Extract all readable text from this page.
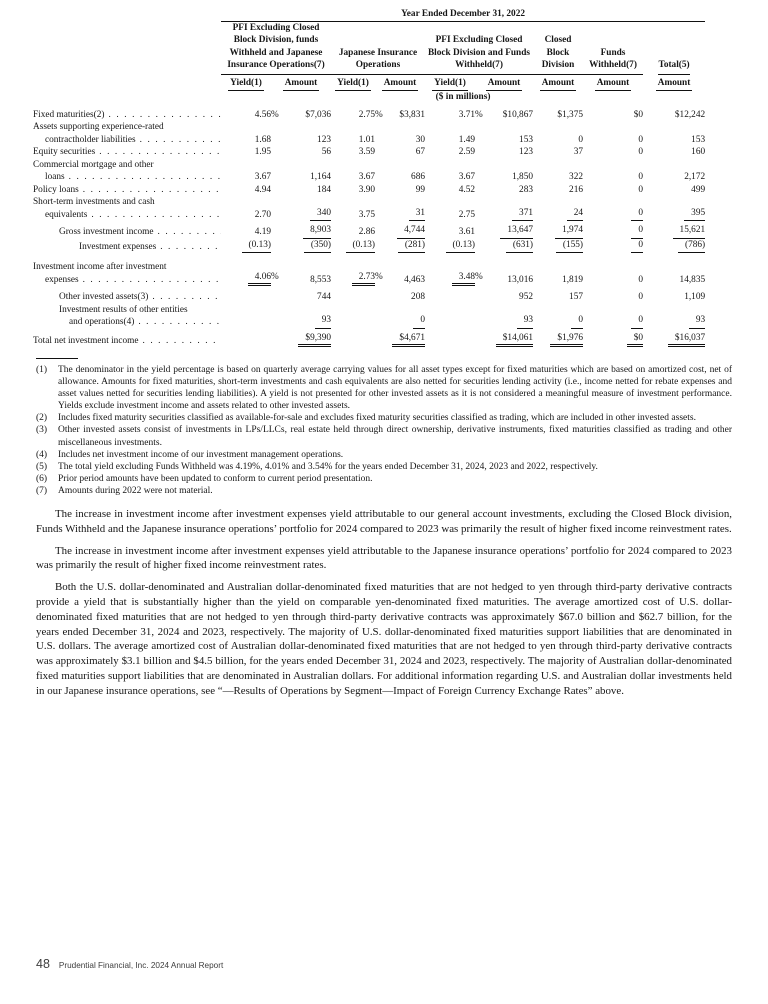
	Year Ended December 31, 2022								
	PFI Excluding Closed Block Division, funds Withheld and Japanese Insurance Operations(7)		Japanese Insurance Operations		PFI Excluding Closed Block Division and Funds Withheld(7)		Closed Block Division	Funds Withheld(7)	Total(5)
	Yield(1)	Amount	Yield(1)	Amount	Yield(1)	Amount	Amount	Amount	Amount
	($ in millions)								

Fixed maturities(2)
. . .	4.56%	$7,036	2.75%	$3,831	3.71%	$10,867	$1,375	$0	$12,242

Assets supporting experience-rated
contractholder liabilities
. . .	1.68	123	1.01	30	1.49	153	0	0	153

Equity securities
. . .	1.95	56	3.59	67	2.59	123	37	0	160

Commercial mortgage and other
loans
. . .	3.67	1,164	3.67	686	3.67	1,850	322	0	2,172

Policy loans
. . .	4.94	184	3.90	99	4.52	283	216	0	499

Short-term investments and cash
equivalents
. . .	2.70	340	3.75	31	2.75	371	24	0	395

Gross investment income
. . .	4.19	8,903	2.86	4,744	3.61	13,647	1,974	0	15,621

Investment expenses
. . .	(0.13)	(350)	(0.13)	(281)	(0.13)	(631)	(155)	0	(786)

Investment income after investment
expenses
. . .	4.06%	8,553	2.73%	4,463	3.48%	13,016	1,819	0	14,835

Other invested assets(3)
. . .		744		208		952	157	0	1,109

Investment results of other entities
and operations(4)
. . .		93		0		93	0	0	93

Total net investment income
. . .		$9,390		$4,671		$14,061	$1,976	$0	$16,037
(1) The denominator in the yield percentage is based on quarterly average carrying values for all asset types except for fixed maturities which are based on amortized cost, net of allowance. Amounts for fixed maturities, short-term investments and cash equivalents are also netted for securities lending activity (i.e., income netted for rebate expenses and asset values netted for securities lending liabilities). A yield is not presented for other invested assets as it is not considered a meaningful measure of investment performance. Yields exclude investment income and assets related to other invested assets.
(2) Includes fixed maturity securities classified as available-for-sale and excludes fixed maturity securities classified as trading, which are included in other invested assets.
(3) Other invested assets consist of investments in LPs/LLCs, real estate held through direct ownership, derivative instruments, fixed maturities classified as trading and other miscellaneous investments.
(4) Includes net investment income of our investment management operations.
(5) The total yield excluding Funds Withheld was 4.19%, 4.01% and 3.54% for the years ended December 31, 2024, 2023 and 2022, respectively.
(6) Prior period amounts have been updated to conform to current period presentation.
(7) Amounts during 2022 were not material.

The increase in investment income after investment expenses yield attributable to our general account investments, excluding the Closed Block division, Funds Withheld and the Japanese insurance operations’ portfolio for 2024 compared to 2023 was primarily the result of higher fixed income reinvestment rates.

The increase in investment income after investment expenses yield attributable to the Japanese insurance operations’ portfolio for 2024 compared to 2023 was primarily the result of higher fixed income reinvestment rates.

Both the U.S. dollar-denominated and Australian dollar-denominated fixed maturities that are not hedged to yen through third-party derivative contracts provide a yield that is substantially higher than the yield on comparable yen-denominated fixed maturities. The average amortized cost of U.S. dollar-denominated fixed maturities that are not hedged to yen through third-party derivative contracts was approximately $67.0 billion and $62.7 billion, for the years ended December 31, 2024 and 2023, respectively. The majority of U.S. dollar-denominated fixed maturities support liabilities that are denominated in U.S. dollars. The average amortized cost of Australian dollar-denominated fixed maturities that are not hedged to yen through third-party derivative contracts was approximately $3.1 billion and $4.5 billion, for the years ended December 31, 2024 and 2023, respectively. The majority of Australian dollar-denominated fixed maturities support liabilities that are denominated in Australian dollars. For additional information regarding U.S. and Australian dollar investments held in our Japanese insurance operations, see “—Results of Operations by Segment—Impact of Foreign Currency Exchange Rates” above.

48 Prudential Financial, Inc. 2024 Annual Report
